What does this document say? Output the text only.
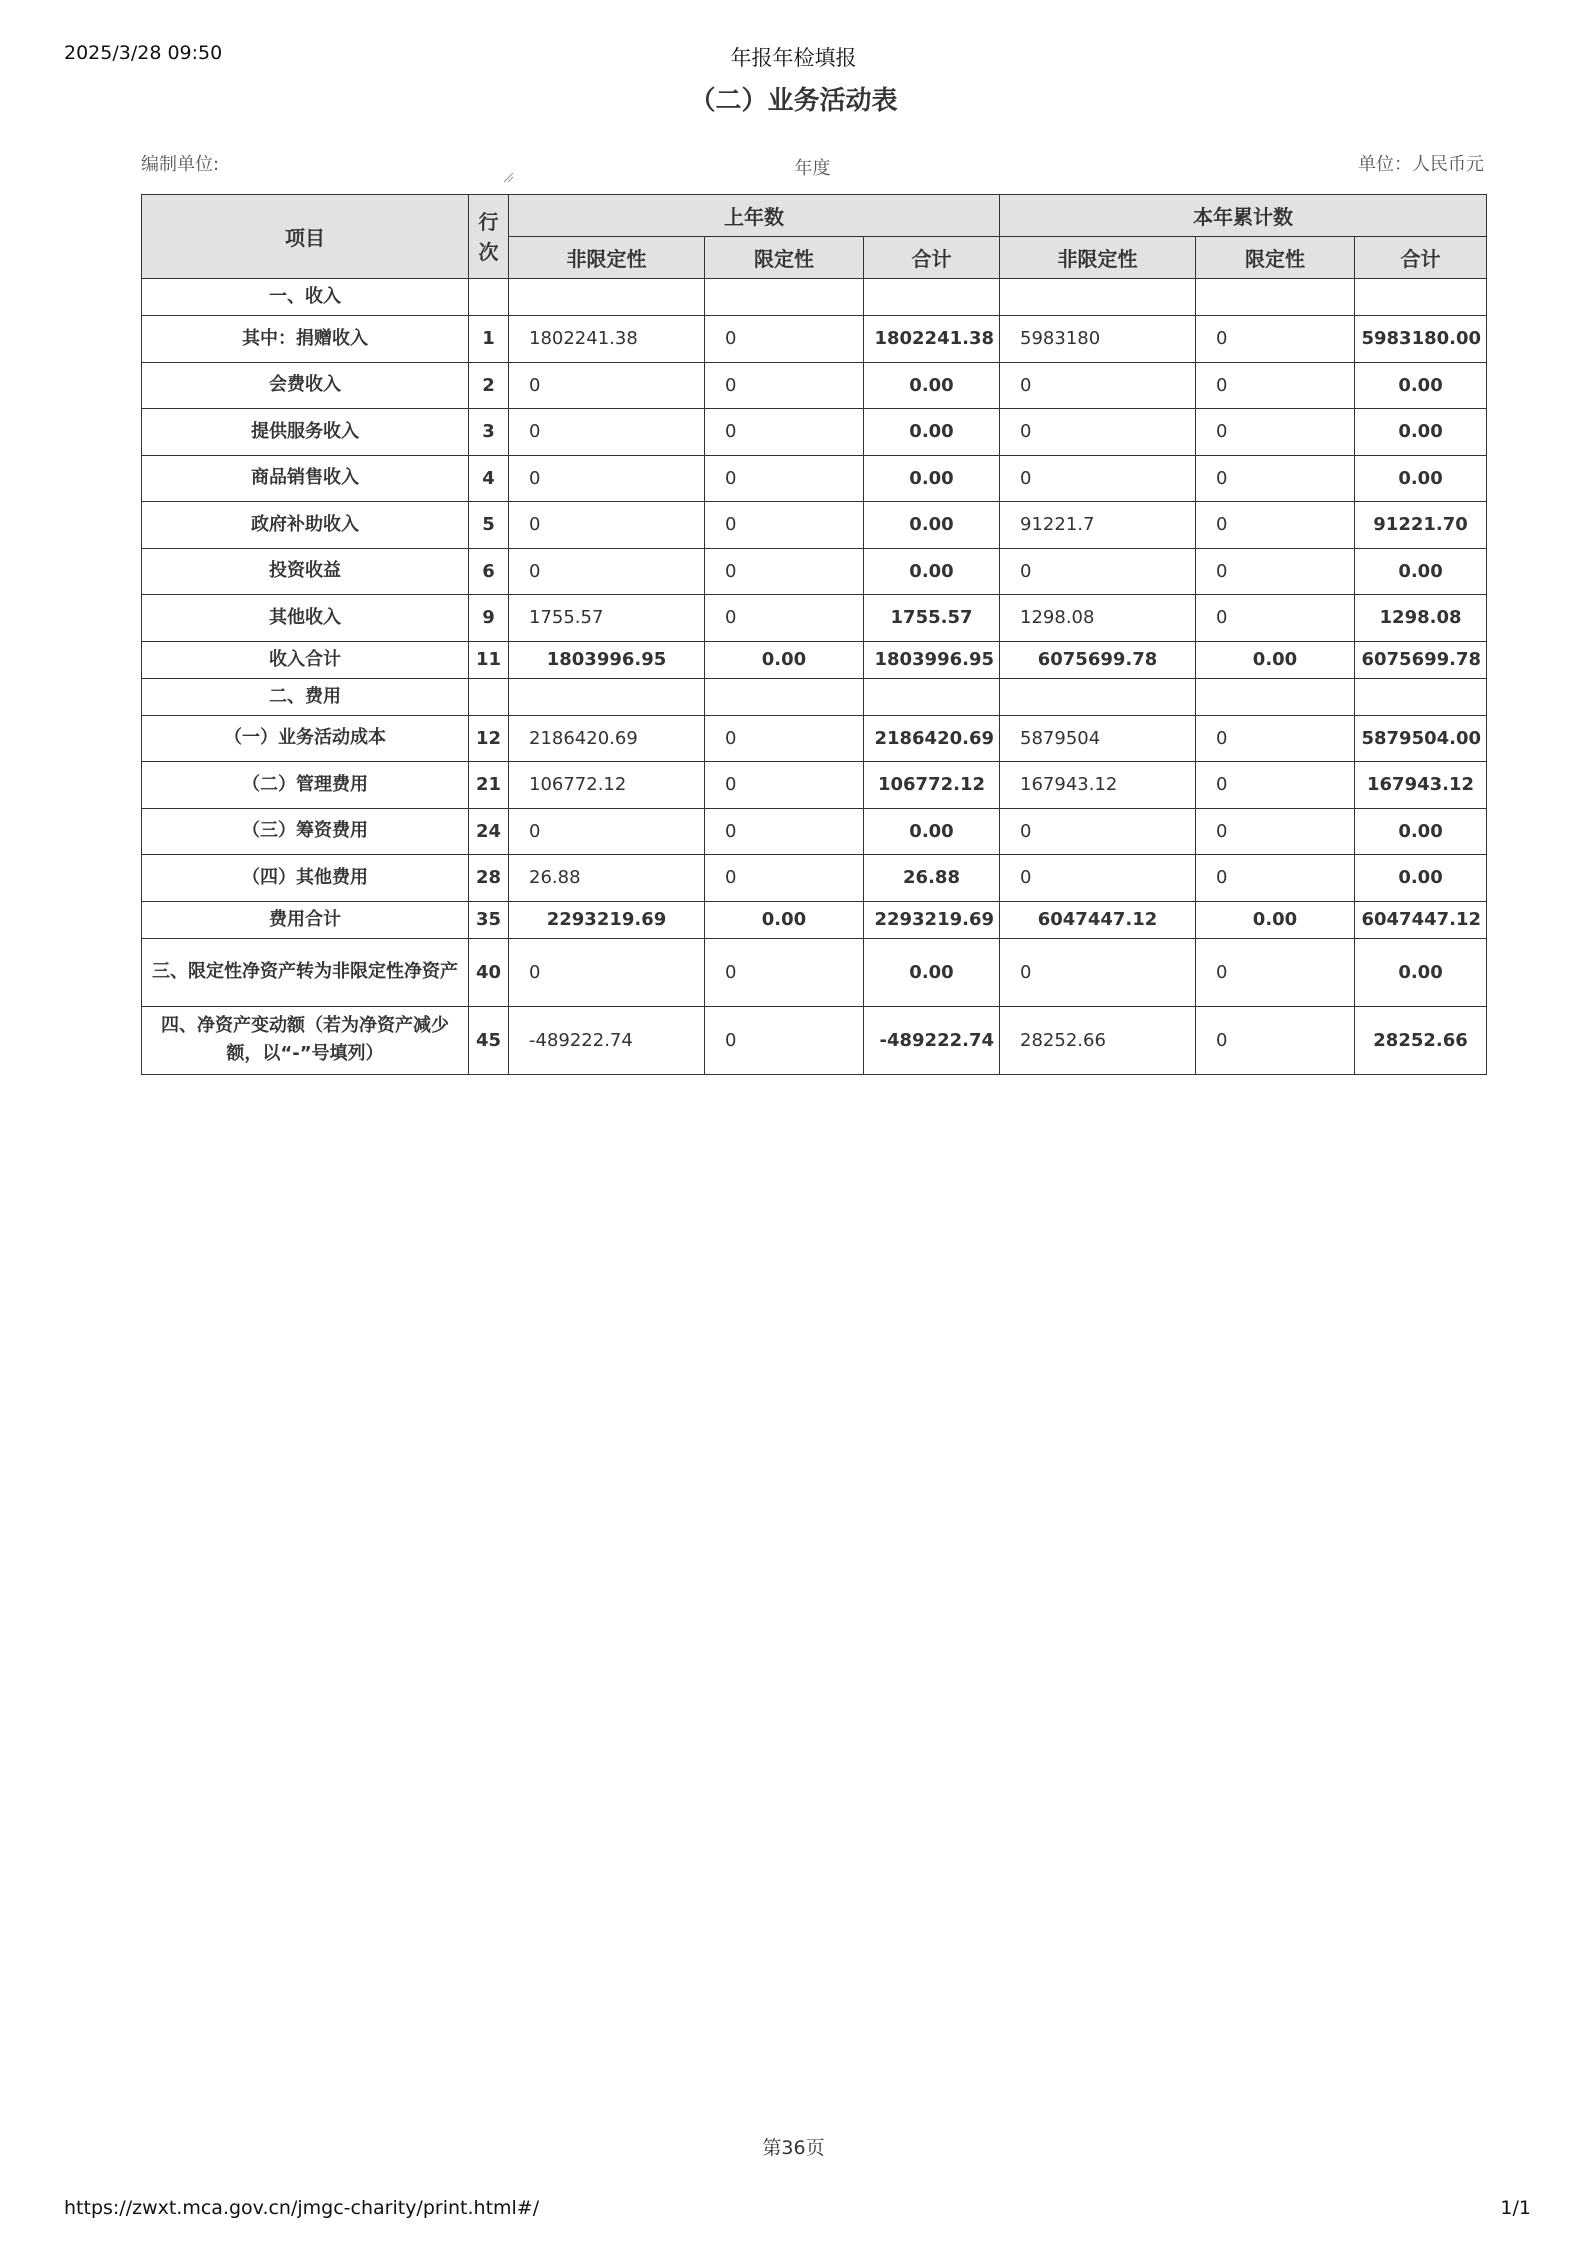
2025/3/28 09:50	年报年检填报
（二）业务活动表
编制单位:	年度	单位：人民币元
项目	行
次	上年数			本年累计数		
		非限定性	限定性	合计	非限定性	限定性	合计
一、收入							
其中：捐赠收入	1	1802241.38	0	1802241.38	5983180	0	5983180.00
会费收入	2	0	0	0.00	0	0	0.00
提供服务收入	3	0	0	0.00	0	0	0.00
商品销售收入	4	0	0	0.00	0	0	0.00
政府补助收入	5	0	0	0.00	91221.7	0	91221.70
投资收益	6	0	0	0.00	0	0	0.00
其他收入	9	1755.57	0	1755.57	1298.08	0	1298.08
收入合计	11	1803996.95	0.00	1803996.95	6075699.78	0.00	6075699.78
二、费用							
（一）业务活动成本	12	2186420.69	0	2186420.69	5879504	0	5879504.00
（二）管理费用	21	106772.12	0	106772.12	167943.12	0	167943.12
（三）筹资费用	24	0	0	0.00	0	0	0.00
（四）其他费用	28	26.88	0	26.88	0	0	0.00
费用合计	35	2293219.69	0.00	2293219.69	6047447.12	0.00	6047447.12
三、限定性净资产转为非限定性净资产	40	0	0	0.00	0	0	0.00
四、净资产变动额（若为净资产减少额，以“-”号填列）	45	-489222.74	0	-489222.74	28252.66	0	28252.66
第36页
https://zwxt.mca.gov.cn/jmgc-charity/print.html#/	1/1
